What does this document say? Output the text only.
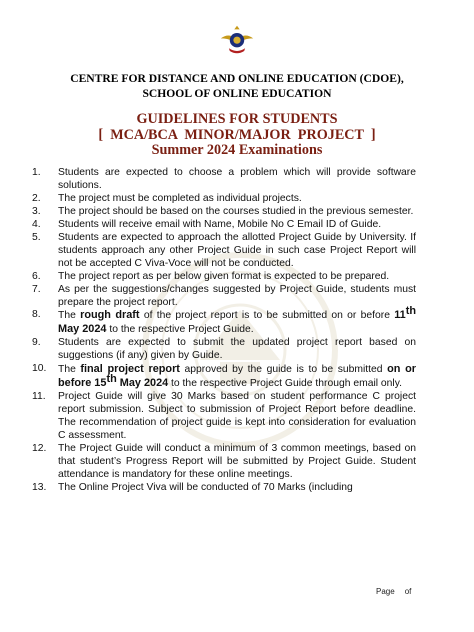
CENTRE FOR DISTANCE AND ONLINE EDUCATION (CDOE),
SCHOOL OF ONLINE EDUCATION
GUIDELINES FOR STUDENTS
[  MCA/BCA  MINOR/MAJOR  PROJECT  ]
Summer 2024 Examinations
1.	Students are expected to choose a problem which will provide software solutions.
2.	The project must be completed as individual projects.
3.	The project should be based on the courses studied in the previous semester.
4.	Students will receive email with Name, Mobile No C Email ID of Guide.
5.	Students are expected to approach the allotted Project Guide by University. If students approach any other Project Guide in such case Project Report will not be accepted C Viva-Voce will not be conducted.
6.	The project report as per below given format is expected to be prepared.
7.	As per the suggestions/changes suggested by Project Guide, students must prepare the project report.
8.	The rough draft of the project report is to be submitted on or before 11th May 2024 to the respective Project Guide.
9.	Students are expected to submit the updated project report based on suggestions (if any) given by Guide.
10.	The final project report approved by the guide is to be submitted on or before 15th May 2024 to the respective Project Guide through email only.
11.	Project Guide will give 30 Marks based on student performance C project report submission. Subject to submission of Project Report before deadline. The recommendation of project guide is kept into consideration for evaluation C assessment.
12.	The Project Guide will conduct a minimum of 3 common meetings, based on that student’s Progress Report will be submitted by Project Guide. Student attendance is mandatory for these online meetings.
13.	The Online Project Viva will be conducted of 70 Marks (including
Page of
